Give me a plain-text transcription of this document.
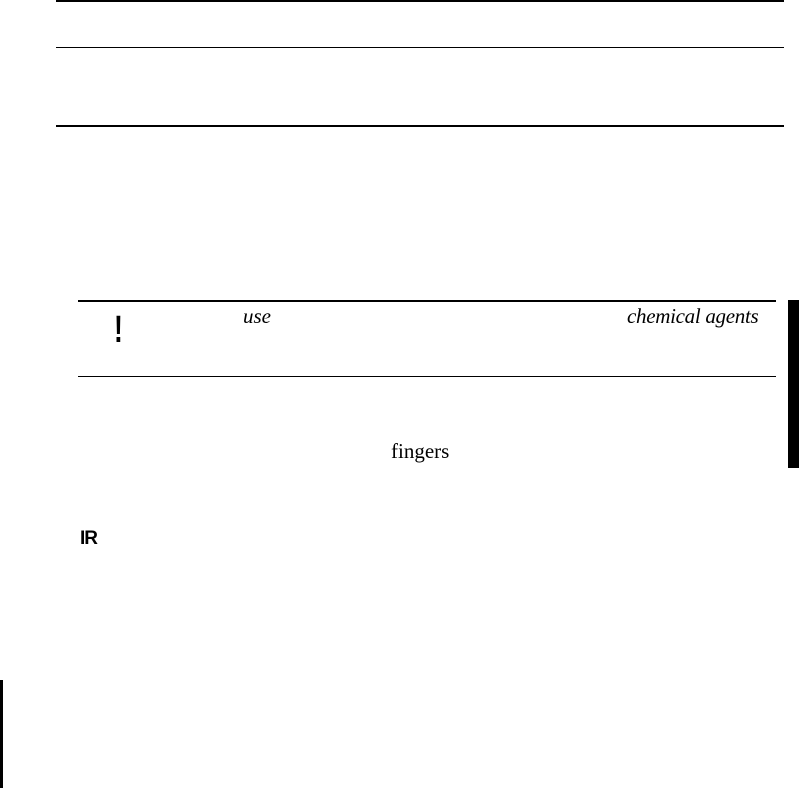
!	use	chemical agents
fingers
IR
